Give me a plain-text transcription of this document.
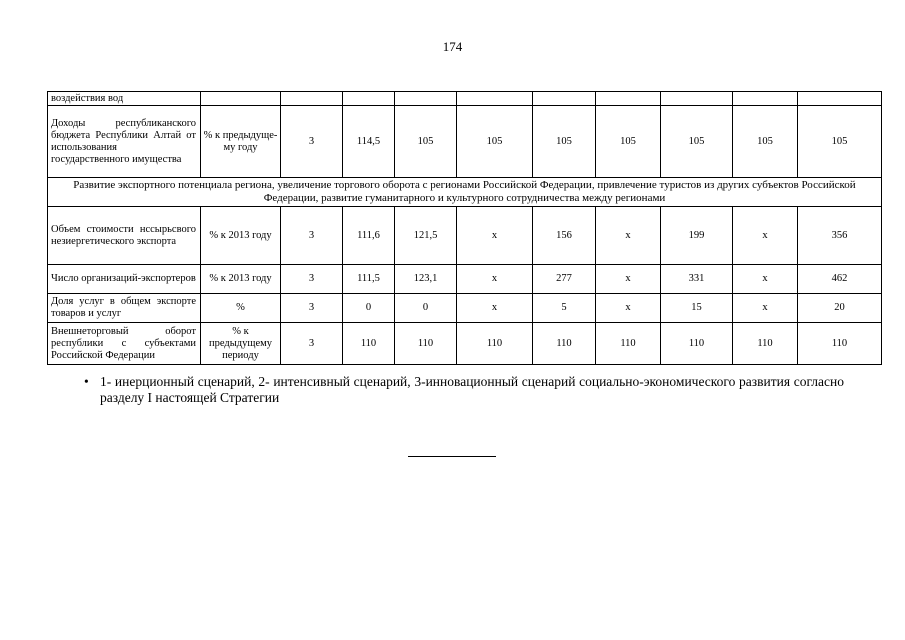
174
воздействия вод										
Доходы республиканского бюджета Республики Алтай от использования государственного имущества	% к предыдуще-му году	3	114,5	105	105	105	105	105	105	105
Развитие экспортного потенциала региона, увеличение торгового оборота с регионами Российской Федерации, привлечение туристов из других субъектов Российской Федерации, развитие гуманитарного и культурного сотрудничества между регионами										
Объем стоимости нссырьсвого незиергетического экспорта	% к 2013 году	3	111,6	121,5	х	156	х	199	х	356
Число организаций-экспортеров	% к 2013 году	3	111,5	123,1	х	277	х	331	х	462
Доля услуг в общем экспорте товаров и услуг	%	3	0	0	х	5	х	15	х	20
Внешнеторговый оборот республики с субъектами Российской Федерации	% к предыдущему периоду	3	110	110	110	110	110	110	110	110
• 1- инерционный сценарий, 2- интенсивный сценарий, 3-инновационный сценарий социально-экономического развития согласно разделу I настоящей Стратегии
